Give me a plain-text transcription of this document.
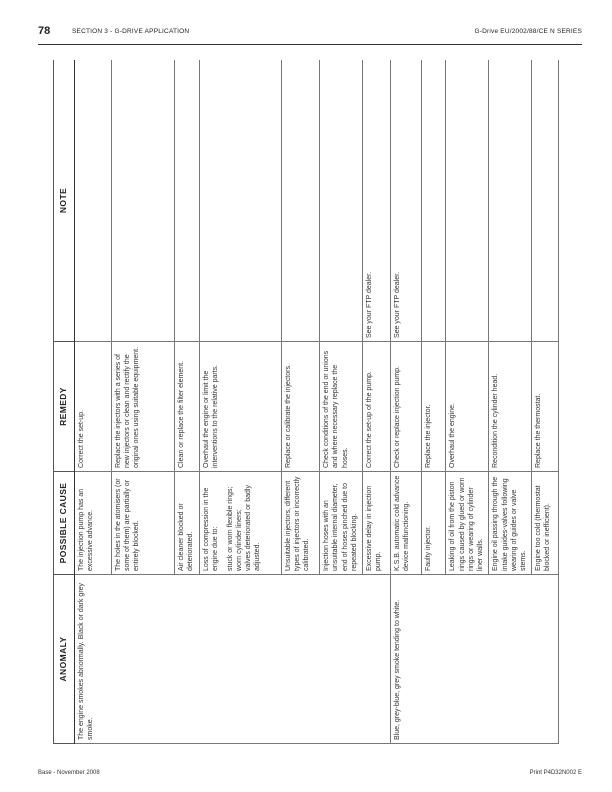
78	SECTION 3 - G-DRIVE APPLICATION	G-Drive EU/2002/88/CE N SERIES
ANOMALY	POSSIBLE CAUSE	REMEDY	NOTE
The engine smokes abnormally. Black or dark grey smoke.	The injection pump has an excessive advance.	Correct the set-up.	
	The holes in the atomisers (or some of them) are partially or entirely blocked.	Replace the injectors with a series of new injectors or clean and rectify the original ones using suitable equipment.	
	Air cleaner blocked or deteriorated.	Clean or replace the filter element.	

	Loss of compression in the engine due to: stuck or worn flexible rings; worn cylinder liners; valves deteriorated or badly adjusted.	Overhaul the engine or limit the interventions to the relative parts.	
	Unsuitable injectors, different types of injectors or incorrectly calibrated.	Replace or calibrate the injectors.	
	Injection hoses with an unsuitable internal diameter, end of hoses pinched due to repeated blocking.	Check conditions of the end or unions and where necessary replace the hoses.	
	Excessive delay in injection pump.	Correct the set-up of the pump.	See your FTP dealer.
Blue, grey-blue, grey smoke tending to white.	K.S.B. automatic cold advance device malfunctioning.	Check or replace injection pump.	See your FTP dealer.
	Faulty injector.	Replace the injector.	
	Leaking of oil from the piston rings caused by glued or worn rings or wearing of cylinder liner walls.	Overhaul the engine.	
	Engine oil passing through the intake guides-valves following wearing of guides or valve stems.	Recondition the cylinder head.	
	Engine too cold (thermostat blocked or inefficient).	Replace the thermostat.	
Base - November 2008	Print P4D32N002 E
